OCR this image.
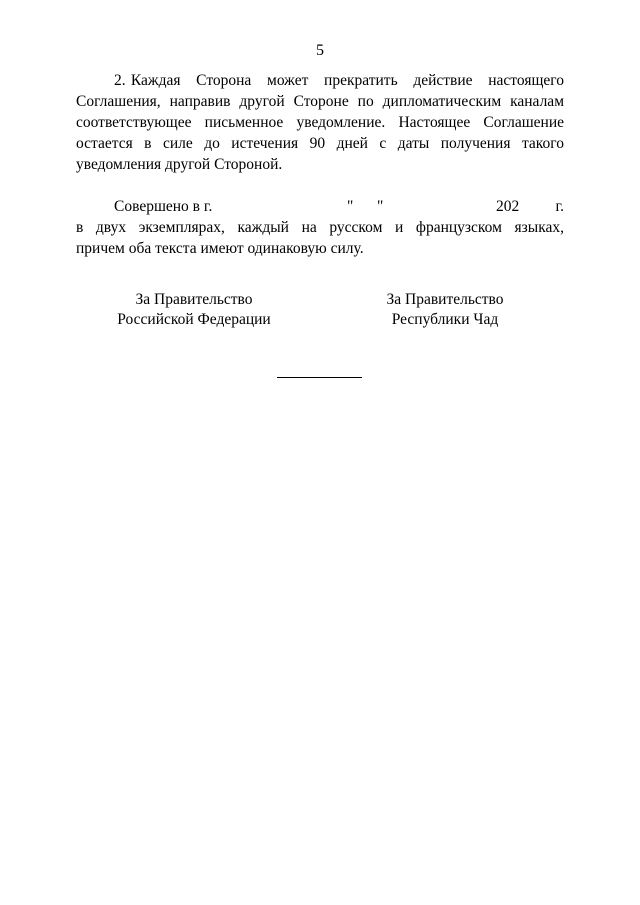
5

2. Каждая   Сторона   может   прекратить   действие   настоящего
Соглашения, направив другой Стороне по дипломатическим каналам
соответствующее письменное уведомление. Настоящее Соглашение
остается в силе до истечения 90 дней с даты получения такого
уведомления другой Стороной.

Совершено в г.	" "	202 г.

в двух экземплярах, каждый на русском и французском языках,
причем оба текста имеют одинаковую силу.

За Правительство
Российской Федерации
За Правительство
Республики Чад
